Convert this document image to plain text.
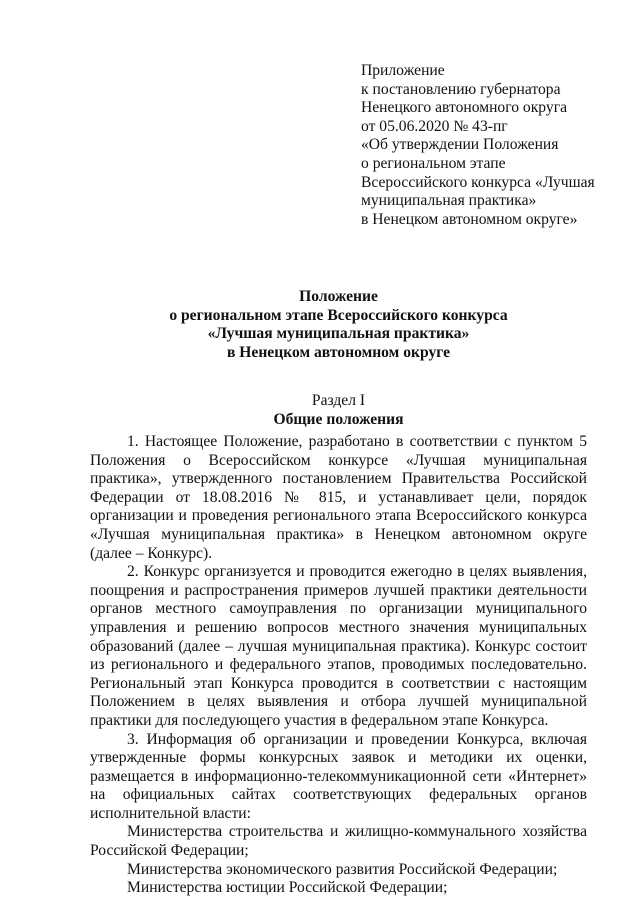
Приложение
к постановлению губернатора
Ненецкого автономного округа
от 05.06.2020 № 43-пг
«Об утверждении Положения
о региональном этапе
Всероссийского конкурса «Лучшая
муниципальная практика»
в Ненецком автономном округе»
Положение
о региональном этапе Всероссийского конкурса
«Лучшая муниципальная практика»
в Ненецком автономном округе
Раздел I
Общие положения

1. Настоящее Положение, разработано в соответствии с пунктом 5 Положения о Всероссийском конкурсе «Лучшая муниципальная практика», утвержденного постановлением Правительства Российской Федерации от 18.08.2016 № 815, и устанавливает цели, порядок организации и проведения регионального этапа Всероссийского конкурса «Лучшая муниципальная практика» в Ненецком автономном округе (далее – Конкурс).

2. Конкурс организуется и проводится ежегодно в целях выявления, поощрения и распространения примеров лучшей практики деятельности органов местного самоуправления по организации муниципального управления и решению вопросов местного значения муниципальных образований (далее – лучшая муниципальная практика). Конкурс состоит из регионального и федерального этапов, проводимых последовательно. Региональный этап Конкурса проводится в соответствии с настоящим Положением в целях выявления и отбора лучшей муниципальной практики для последующего участия в федеральном этапе Конкурса.

3. Информация об организации и проведении Конкурса, включая утвержденные формы конкурсных заявок и методики их оценки, размещается в информационно-телекоммуникационной сети «Интернет» на официальных сайтах соответствующих федеральных органов исполнительной власти:

Министерства строительства и жилищно-коммунального хозяйства Российской Федерации;

Министерства экономического развития Российской Федерации;

Министерства юстиции Российской Федерации;
